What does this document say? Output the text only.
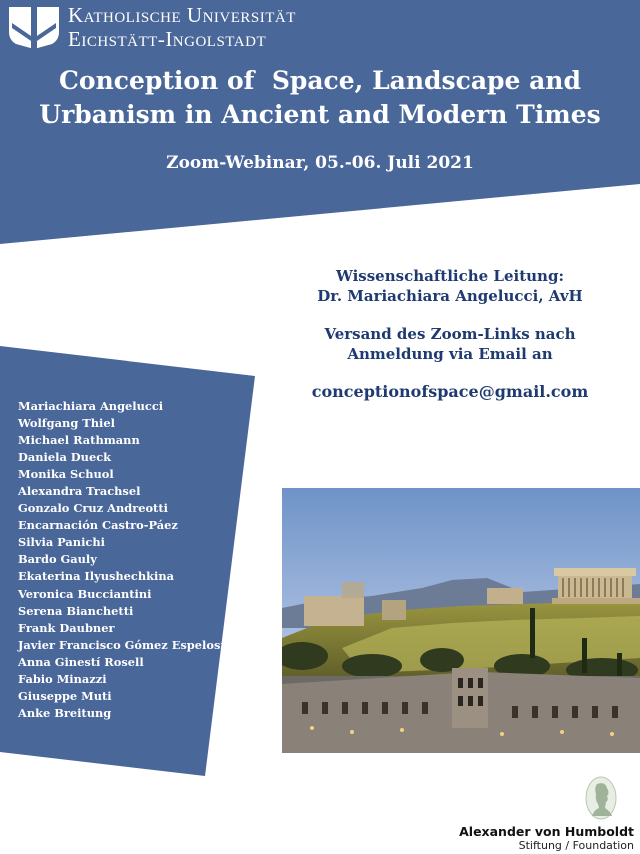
Katholische Universität
Eichstätt-Ingolstadt
Conception of  Space, Landscape and
Urbanism in Ancient and Modern Times
Zoom-Webinar, 05.-06. Juli 2021
Wissenschaftliche Leitung:
Dr. Mariachiara Angelucci, AvH
Versand des Zoom-Links nach
Anmeldung via Email an
conceptionofspace@gmail.com
Mariachiara Angelucci
Wolfgang Thiel
Michael Rathmann
Daniela Dueck
Monika Schuol
Alexandra Trachsel
Gonzalo Cruz Andreotti
Encarnación Castro-Páez
Silvia Panichi
Bardo Gauly
Ekaterina Ilyushechkina
Veronica Bucciantini
Serena Bianchetti
Frank Daubner
Javier Francisco Gómez Espelosín
Anna Ginestí Rosell
Fabio Minazzi
Giuseppe Muti
Anke Breitung
Alexander von Humboldt
Stiftung / Foundation
